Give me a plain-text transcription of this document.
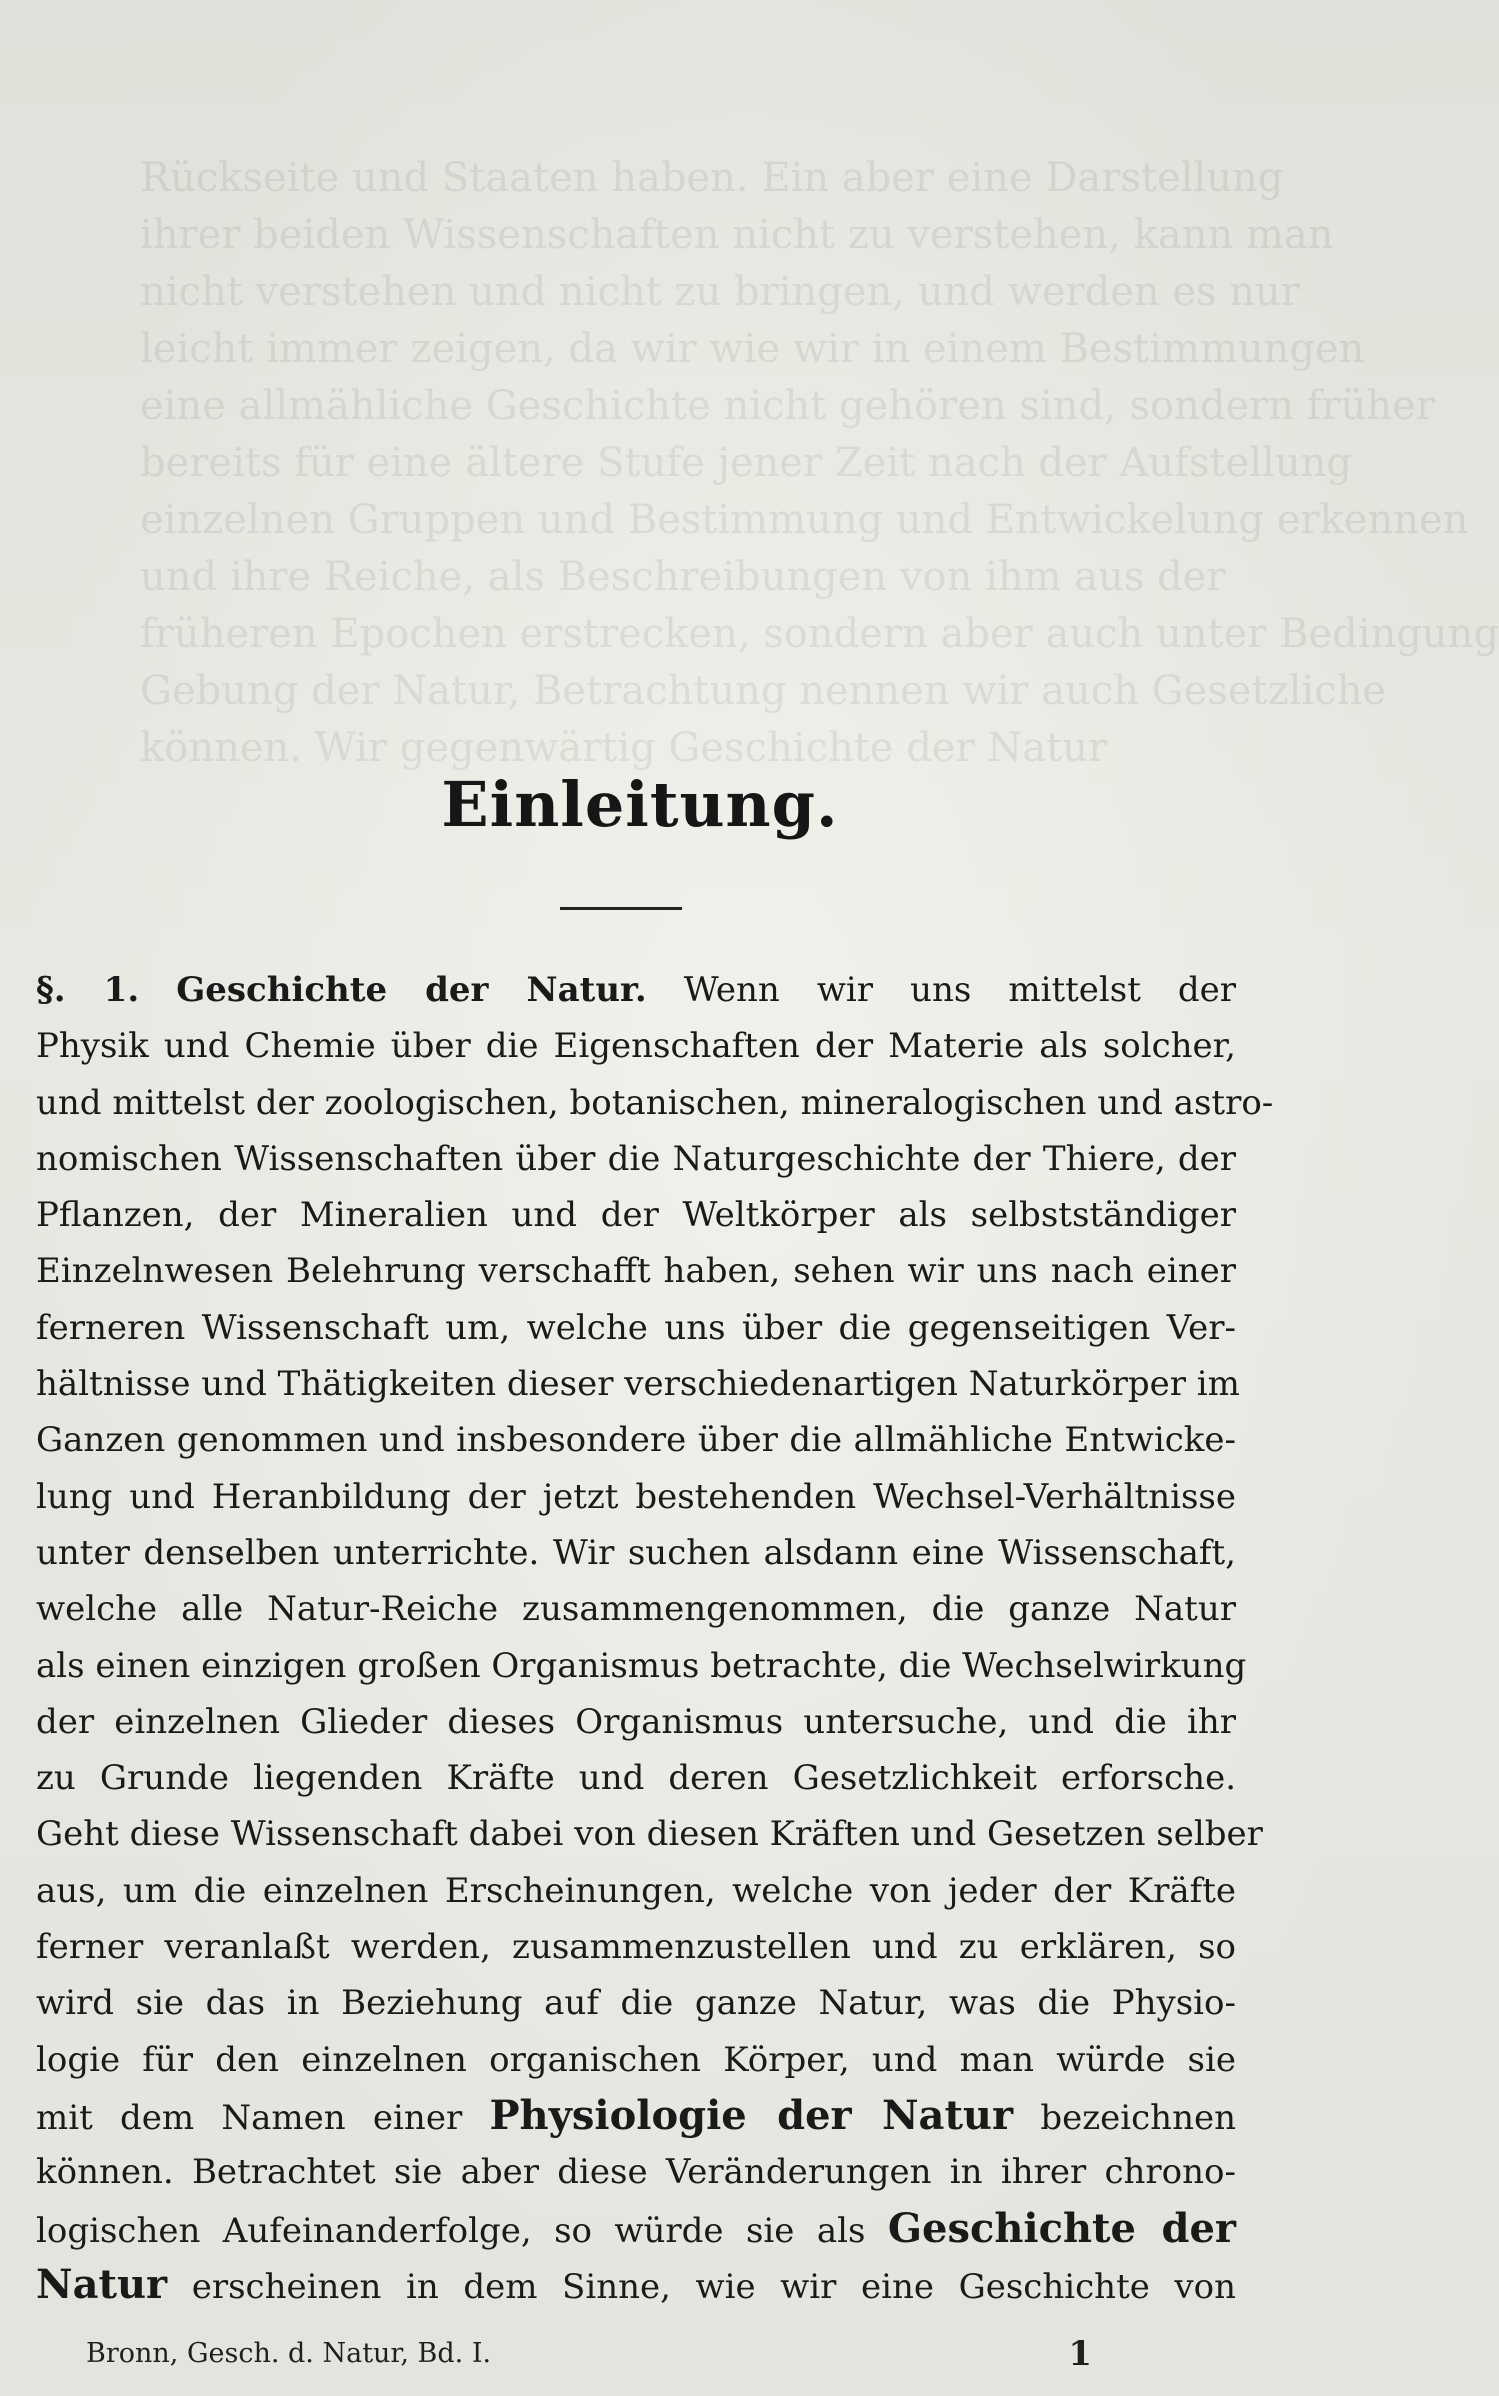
Rückseite und Staaten haben. Ein aber eine Darstellung
ihrer beiden Wissenschaften nicht zu verstehen, kann man
nicht verstehen und nicht zu bringen, und werden es nur
leicht immer zeigen, da wir wie wir in einem Bestimmungen
eine allmähliche Geschichte nicht gehören sind, sondern früher
bereits für eine ältere Stufe jener Zeit nach der Aufstellung
einzelnen Gruppen und Bestimmung und Entwickelung erkennen
und ihre Reiche, als Beschreibungen von ihm aus der
früheren Epochen erstrecken, sondern aber auch unter Bedingung
Gebung der Natur, Betrachtung nennen wir auch Gesetzliche
können. Wir gegenwärtig Geschichte der Natur
Einleitung.
§. 1. Geschichte der Natur. Wenn wir uns mittelst der
Physik und Chemie über die Eigenschaften der Materie als solcher,
und mittelst der zoologischen, botanischen, mineralogischen und astro-
nomischen Wissenschaften über die Naturgeschichte der Thiere, der
Pflanzen, der Mineralien und der Weltkörper als selbstständiger
Einzelnwesen Belehrung verschafft haben, sehen wir uns nach einer
ferneren Wissenschaft um, welche uns über die gegenseitigen Ver-
hältnisse und Thätigkeiten dieser verschiedenartigen Naturkörper im
Ganzen genommen und insbesondere über die allmähliche Entwicke-
lung und Heranbildung der jetzt bestehenden Wechsel-Verhältnisse
unter denselben unterrichte. Wir suchen alsdann eine Wissenschaft,
welche alle Natur-Reiche zusammengenommen, die ganze Natur
als einen einzigen großen Organismus betrachte, die Wechselwirkung
der einzelnen Glieder dieses Organismus untersuche, und die ihr
zu Grunde liegenden Kräfte und deren Gesetzlichkeit erforsche.
Geht diese Wissenschaft dabei von diesen Kräften und Gesetzen selber
aus, um die einzelnen Erscheinungen, welche von jeder der Kräfte
ferner veranlaßt werden, zusammenzustellen und zu erklären, so
wird sie das in Beziehung auf die ganze Natur, was die Physio-
logie für den einzelnen organischen Körper, und man würde sie
mit dem Namen einer Physiologie der Natur bezeichnen
können. Betrachtet sie aber diese Veränderungen in ihrer chrono-
logischen Aufeinanderfolge, so würde sie als Geschichte der
Natur erscheinen in dem Sinne, wie wir eine Geschichte von
Bronn, Gesch. d. Natur, Bd. I.	1
